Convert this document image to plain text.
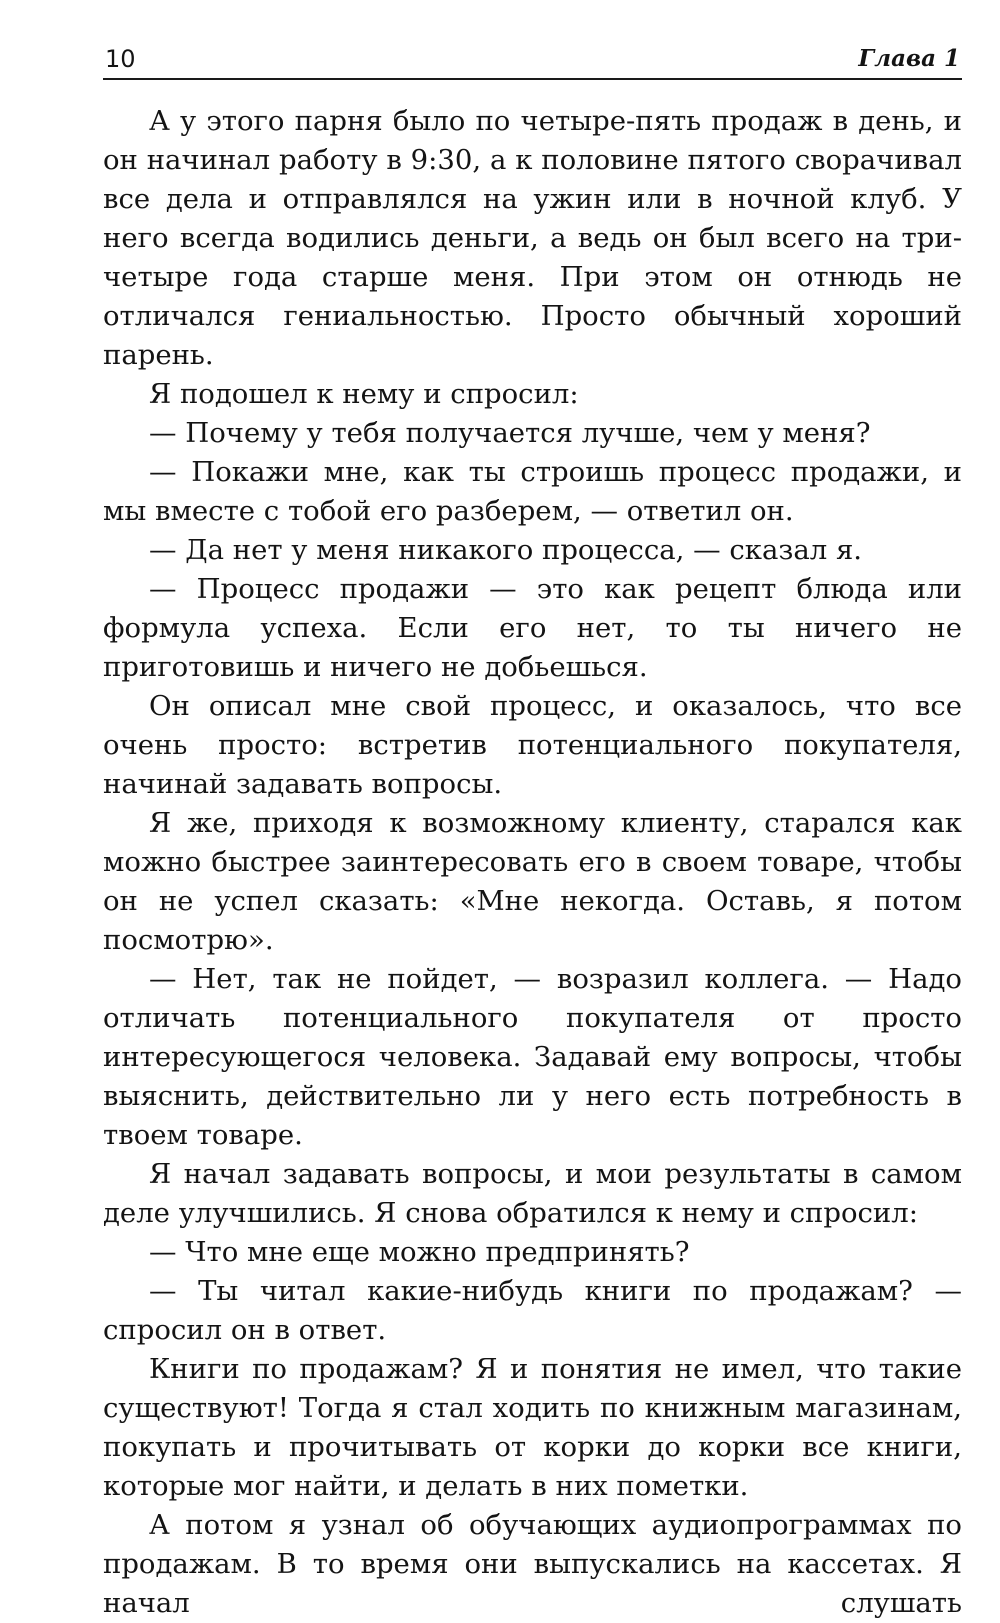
10	Глава 1

А у этого парня было по четыре-пять продаж в день, и он начинал работу в 9:30, а к половине пятого сворачивал все дела и отправлялся на ужин или в ночной клуб. У него всегда водились деньги, а ведь он был всего на три-четыре года старше меня. При этом он отнюдь не отличался гениальностью. Просто обычный хороший парень.

Я подошел к нему и спросил:

— Почему у тебя получается лучше, чем у меня?

— Покажи мне, как ты строишь процесс продажи, и мы вместе с тобой его разберем, — ответил он.

— Да нет у меня никакого процесса, — сказал я.

— Процесс продажи — это как рецепт блюда или формула успеха. Если его нет, то ты ничего не приготовишь и ничего не добьешься.

Он описал мне свой процесс, и оказалось, что все очень просто: встретив потенциального покупателя, начинай задавать вопросы.

Я же, приходя к возможному клиенту, старался как можно быстрее заинтересовать его в своем товаре, чтобы он не успел сказать: «Мне некогда. Оставь, я потом посмотрю».

— Нет, так не пойдет, — возразил коллега. — Надо отличать потенциального покупателя от просто интересующегося человека. Задавай ему вопросы, чтобы выяснить, действительно ли у него есть потребность в твоем товаре.

Я начал задавать вопросы, и мои результаты в самом деле улучшились. Я снова обратился к нему и спросил:

— Что мне еще можно предпринять?

— Ты читал какие-нибудь книги по продажам? — спросил он в ответ.

Книги по продажам? Я и понятия не имел, что такие существуют! Тогда я стал ходить по книжным магазинам, покупать и прочитывать от корки до корки все книги, которые мог найти, и делать в них пометки.

А потом я узнал об обучающих аудиопрограммах по продажам. В то время они выпускались на кассетах. Я начал слушать
